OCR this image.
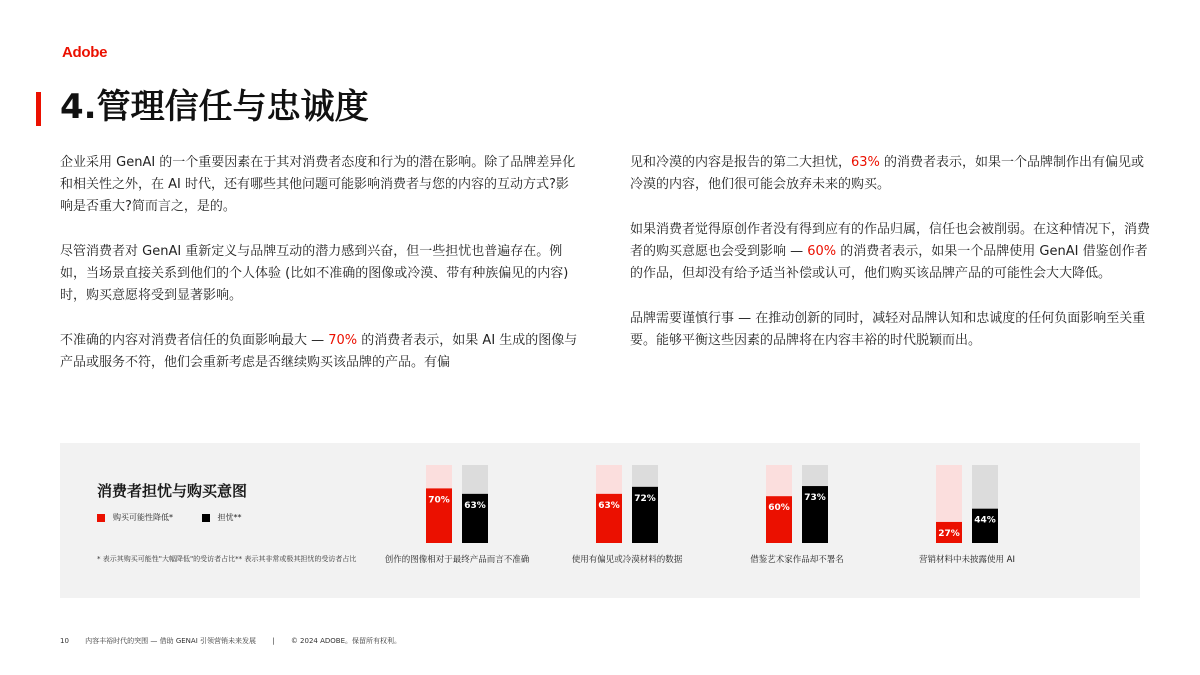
Adobe
4.管理信任与忠诚度

企业采用 GenAI 的一个重要因素在于其对消费者态度和行为的潜在影响。除了品牌差异化和相关性之外，在 AI 时代，还有哪些其他问题可能影响消费者与您的内容的互动方式?影响是否重大?简而言之，是的。

尽管消费者对 GenAI 重新定义与品牌互动的潜力感到兴奋，但一些担忧也普遍存在。例如，当场景直接关系到他们的个人体验 (比如不准确的图像或冷漠、带有种族偏见的内容) 时，购买意愿将受到显著影响。

不准确的内容对消费者信任的负面影响最大 — 70% 的消费者表示，如果 AI 生成的图像与产品或服务不符，他们会重新考虑是否继续购买该品牌的产品。有偏

见和冷漠的内容是报告的第二大担忧，63% 的消费者表示，如果一个品牌制作出有偏见或冷漠的内容，他们很可能会放弃未来的购买。

如果消费者觉得原创作者没有得到应有的作品归属，信任也会被削弱。在这种情况下，消费者的购买意愿也会受到影响 — 60% 的消费者表示，如果一个品牌使用 GenAI 借鉴创作者的作品，但却没有给予适当补偿或认可，他们购买该品牌产品的可能性会大大降低。

品牌需要谨慎行事 — 在推动创新的同时，减轻对品牌认知和忠诚度的任何负面影响至关重要。能够平衡这些因素的品牌将在内容丰裕的时代脱颖而出。

消费者担忧与购买意图
购买可能性降低*
	担忧**
* 表示其购买可能性"大幅降低"的受访者占比** 表示其非常或极其担忧的受访者占比
70%
63%
创作的图像相对于最终产品而言不准确
63%
72%
使用有偏见或冷漠材料的数据
60%
73%
借鉴艺术家作品却不署名
27%
44%
营销材料中未披露使用 AI
10 内容丰裕时代的突围 — 借助 GENAI 引领营销未来发展 | © 2024 ADOBE。保留所有权利。
